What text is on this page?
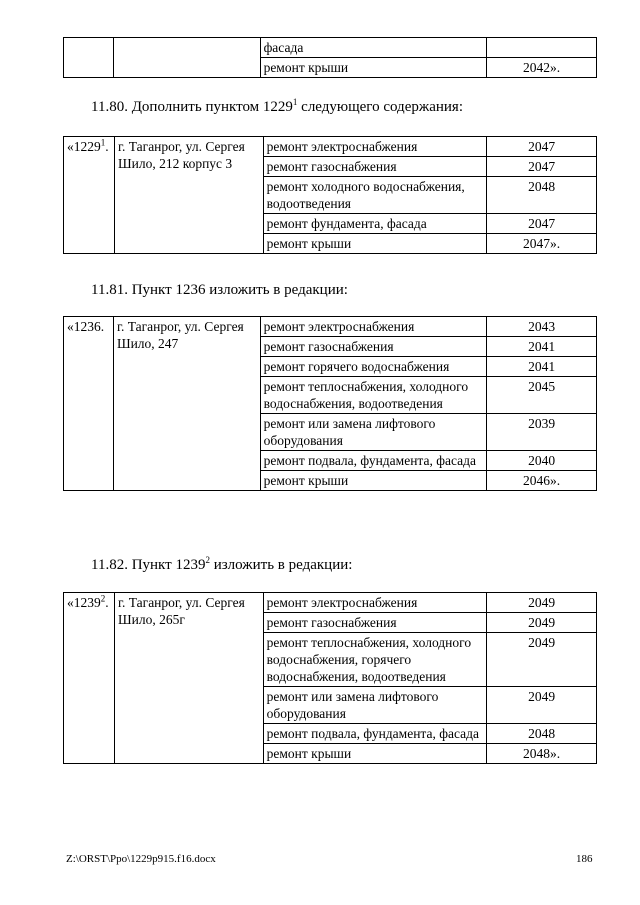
		фасада	
		ремонт крыши	2042».
11.80. Дополнить пунктом 1229$^1$ следующего содержания:
«1229$^1$.	г. Таганрог, ул. Сергея Шило, 212 корпус 3	ремонт электроснабжения	2047
		ремонт газоснабжения	2047
		ремонт холодного водоснабжения, водоотведения	2048
		ремонт фундамента, фасада	2047
		ремонт крыши	2047».
11.81. Пункт 1236 изложить в редакции:
«1236.	г. Таганрог, ул. Сергея Шило, 247	ремонт электроснабжения	2043
		ремонт газоснабжения	2041
		ремонт горячего водоснабжения	2041
		ремонт теплоснабжения, холодного водоснабжения, водоотведения	2045
		ремонт или замена лифтового оборудования	2039
		ремонт подвала, фундамента, фасада	2040
		ремонт крыши	2046».
11.82. Пункт 1239$^2$ изложить в редакции:
«1239$^2$.	г. Таганрог, ул. Сергея Шило, 265г	ремонт электроснабжения	2049
		ремонт газоснабжения	2049
		ремонт теплоснабжения, холодного водоснабжения, горячего водоснабжения, водоотведения	2049
		ремонт или замена лифтового оборудования	2049
		ремонт подвала, фундамента, фасада	2048
		ремонт крыши	2048».
Z:\ORST\Ppo\1229p915.f16.docx	186
